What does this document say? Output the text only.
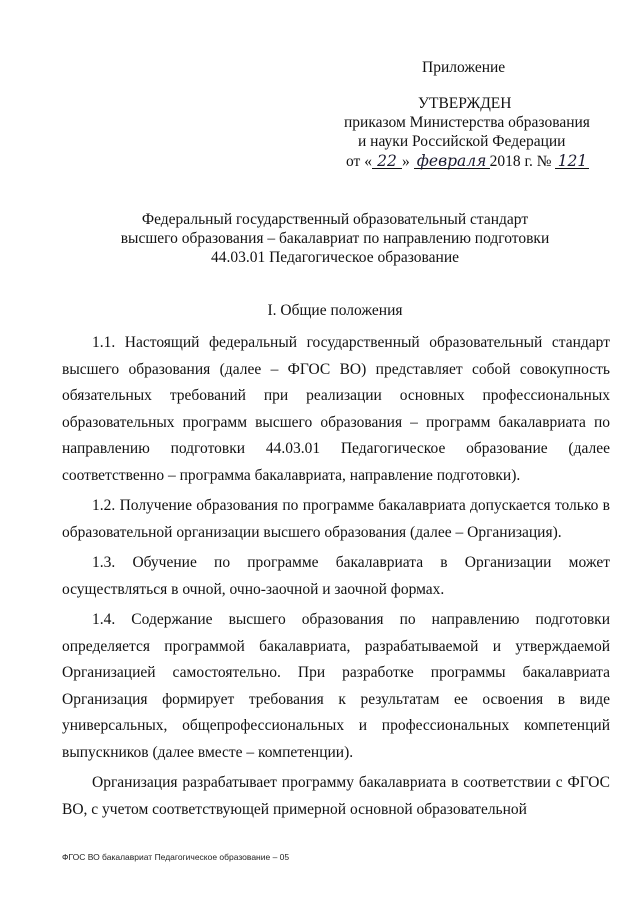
Приложение
УТВЕРЖДЕН
приказом Министерства образования
и науки Российской Федерации
от « 22 » февраля 2018 г. № 121
Федеральный государственный образовательный стандарт
высшего образования – бакалавриат по направлению подготовки
44.03.01 Педагогическое образование
I. Общие положения

1.1. Настоящий федеральный государственный образовательный стандарт высшего образования (далее – ФГОС ВО) представляет собой совокупность обязательных требований при реализации основных профессиональных образовательных программ высшего образования – программ бакалавриата по направлению подготовки 44.03.01 Педагогическое образование (далее соответственно – программа бакалавриата, направление подготовки).

1.2. Получение образования по программе бакалавриата допускается только в образовательной организации высшего образования (далее – Организация).

1.3. Обучение по программе бакалавриата в Организации может осуществляться в очной, очно-заочной и заочной формах.

1.4. Содержание высшего образования по направлению подготовки определяется программой бакалавриата, разрабатываемой и утверждаемой Организацией самостоятельно. При разработке программы бакалавриата Организация формирует требования к результатам ее освоения в виде универсальных, общепрофессиональных и профессиональных компетенций выпускников (далее вместе – компетенции).

Организация разрабатывает программу бакалавриата в соответствии с ФГОС ВО, с учетом соответствующей примерной основной образовательной

ФГОС ВО бакалавриат Педагогическое образование – 05
